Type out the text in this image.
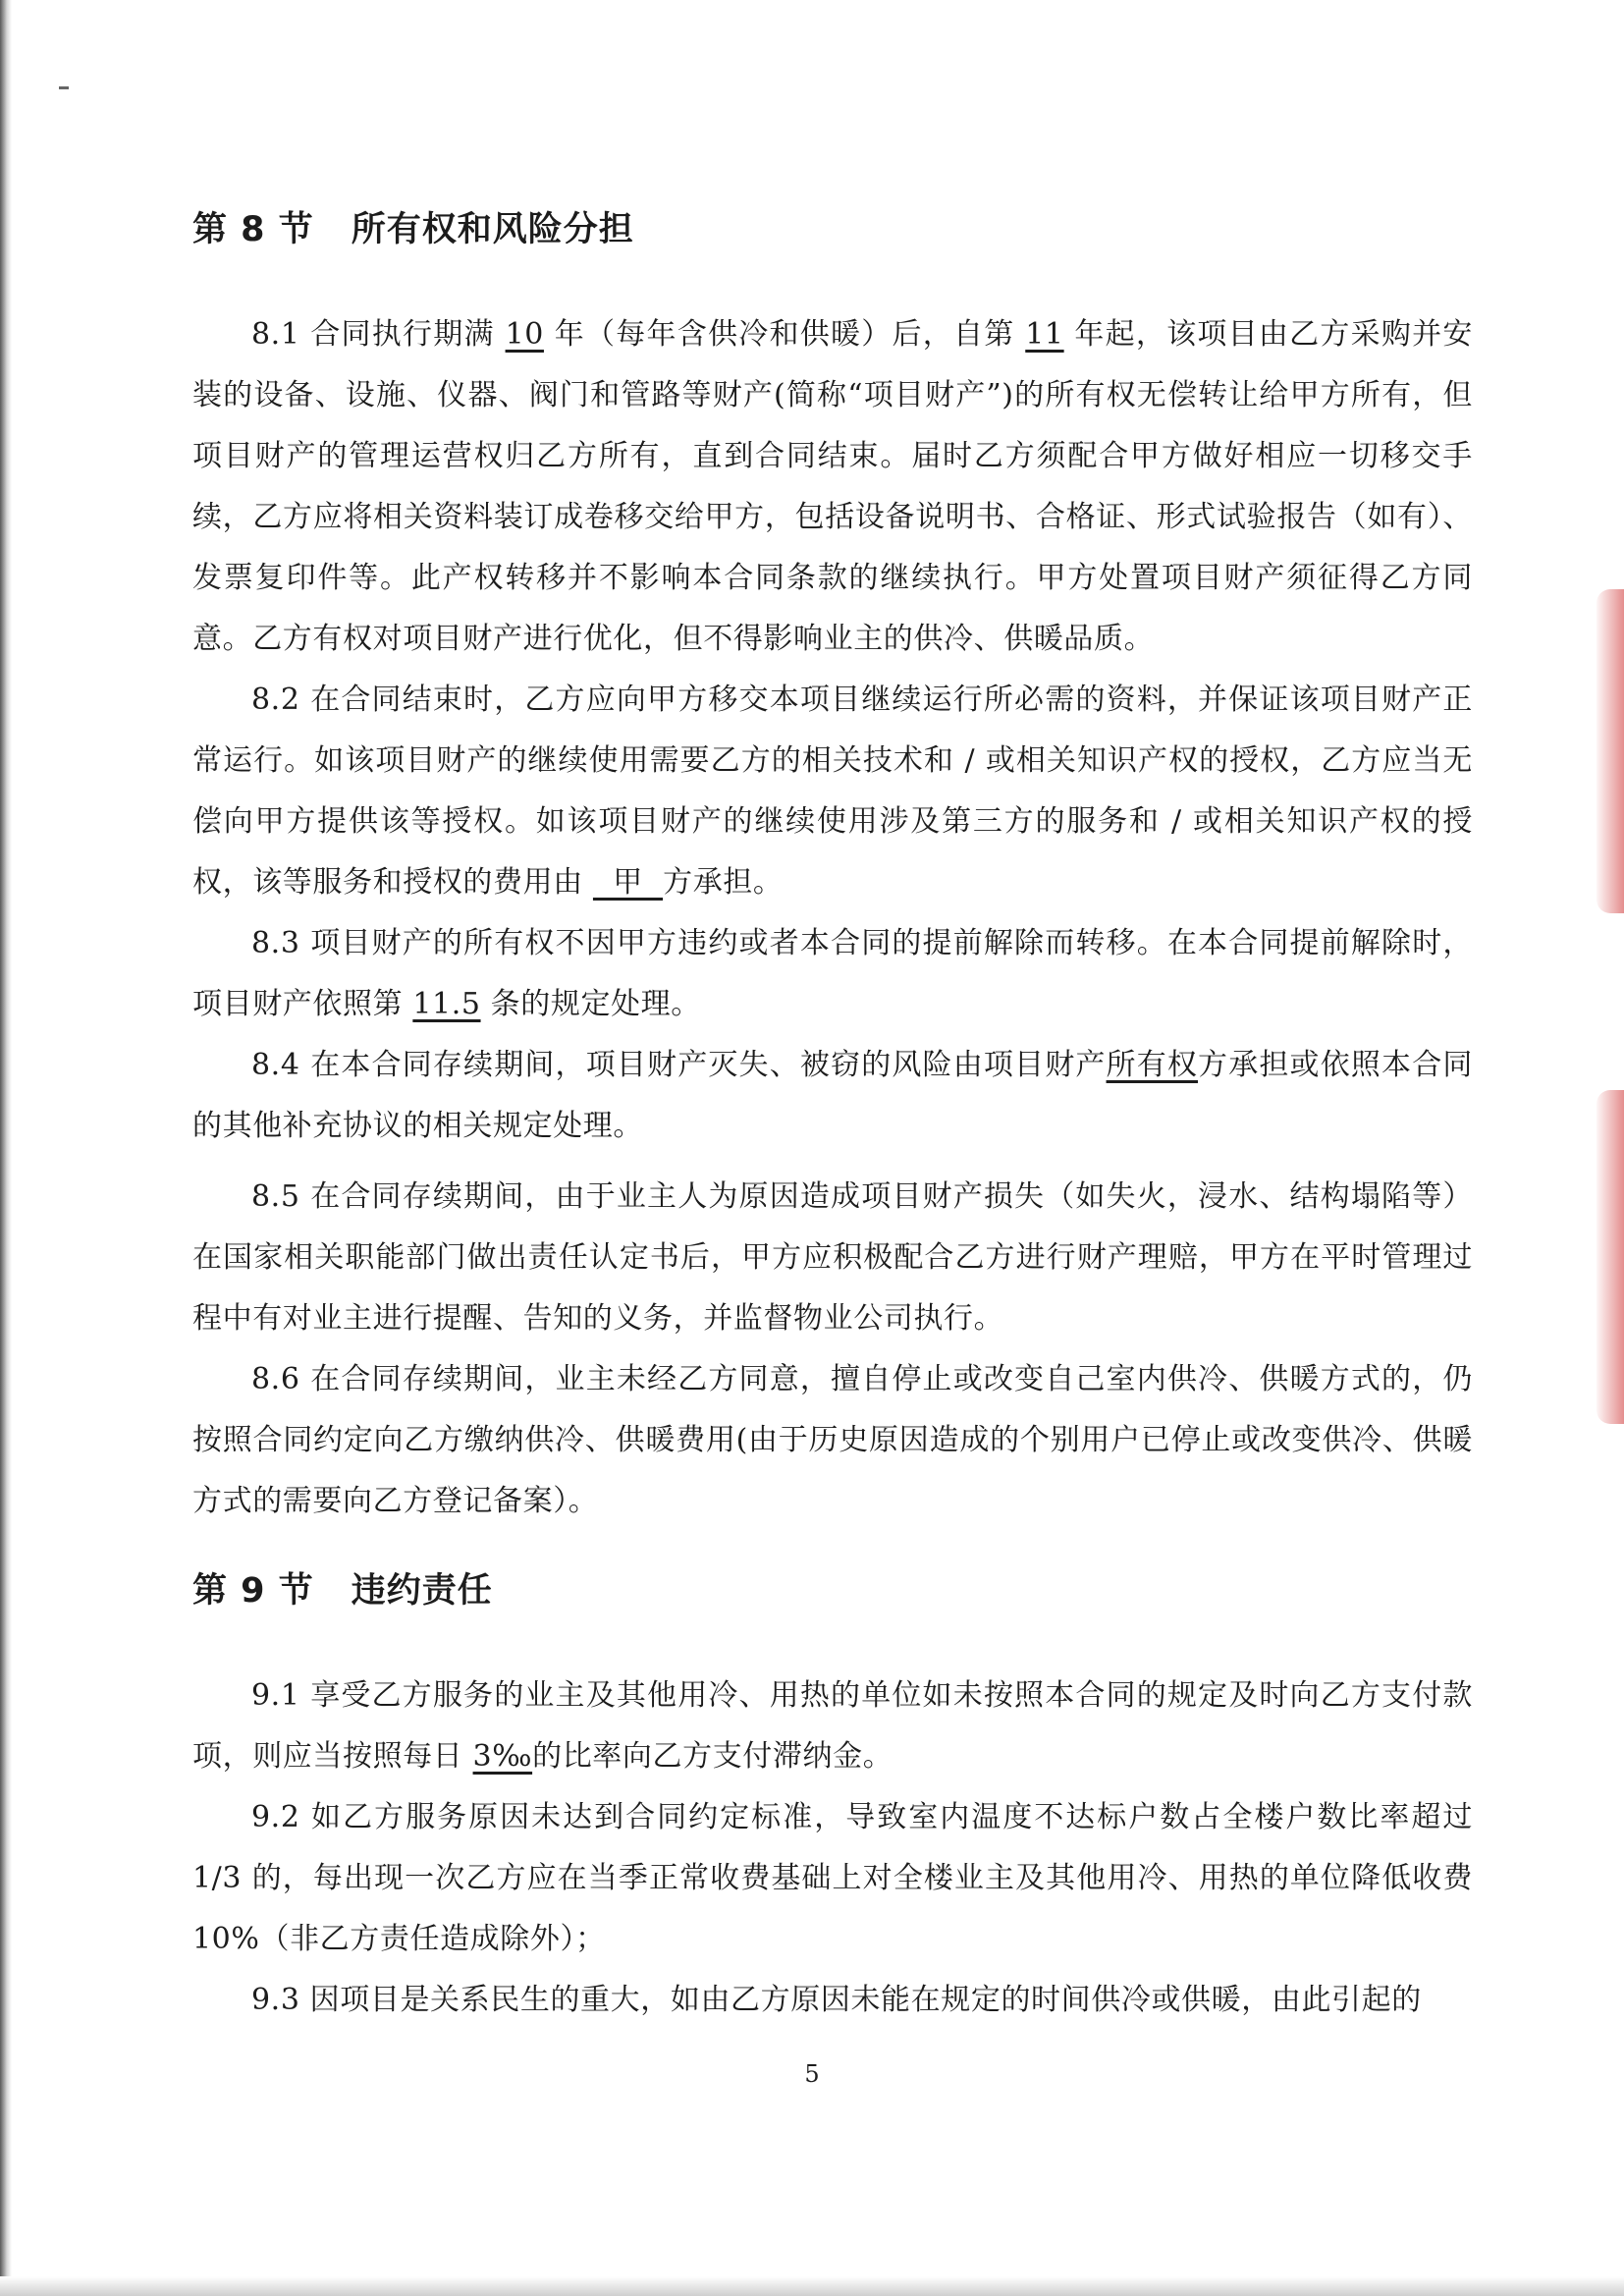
第 8 节 所有权和风险分担

8.1 合同执行期满 10 年（每年含供冷和供暖）后，自第 11 年起，该项目由乙方采购并安装的设备、设施、仪器、阀门和管路等财产(简称“项目财产”)的所有权无偿转让给甲方所有，但项目财产的管理运营权归乙方所有，直到合同结束。届时乙方须配合甲方做好相应一切移交手续，乙方应将相关资料装订成卷移交给甲方，包括设备说明书、合格证、形式试验报告（如有）、发票复印件等。此产权转移并不影响本合同条款的继续执行。甲方处置项目财产须征得乙方同意。乙方有权对项目财产进行优化，但不得影响业主的供冷、供暖品质。

8.2 在合同结束时，乙方应向甲方移交本项目继续运行所必需的资料，并保证该项目财产正常运行。如该项目财产的继续使用需要乙方的相关技术和 / 或相关知识产权的授权，乙方应当无偿向甲方提供该等授权。如该项目财产的继续使用涉及第三方的服务和 / 或相关知识产权的授权，该等服务和授权的费用由   甲  方承担。

8.3 项目财产的所有权不因甲方违约或者本合同的提前解除而转移。在本合同提前解除时，项目财产依照第 11.5 条的规定处理。

8.4 在本合同存续期间，项目财产灭失、被窃的风险由项目财产所有权方承担或依照本合同的其他补充协议的相关规定处理。

8.5 在合同存续期间，由于业主人为原因造成项目财产损失（如失火，浸水、结构塌陷等）在国家相关职能部门做出责任认定书后，甲方应积极配合乙方进行财产理赔，甲方在平时管理过程中有对业主进行提醒、告知的义务，并监督物业公司执行。

8.6 在合同存续期间，业主未经乙方同意，擅自停止或改变自己室内供冷、供暖方式的，仍按照合同约定向乙方缴纳供冷、供暖费用(由于历史原因造成的个别用户已停止或改变供冷、供暖方式的需要向乙方登记备案）。

第 9 节 违约责任

9.1 享受乙方服务的业主及其他用冷、用热的单位如未按照本合同的规定及时向乙方支付款项，则应当按照每日 3‰的比率向乙方支付滞纳金。

9.2 如乙方服务原因未达到合同约定标准，导致室内温度不达标户数占全楼户数比率超过 1/3 的，每出现一次乙方应在当季正常收费基础上对全楼业主及其他用冷、用热的单位降低收费 10%（非乙方责任造成除外）；

9.3 因项目是关系民生的重大，如由乙方原因未能在规定的时间供冷或供暖，由此引起的

5
